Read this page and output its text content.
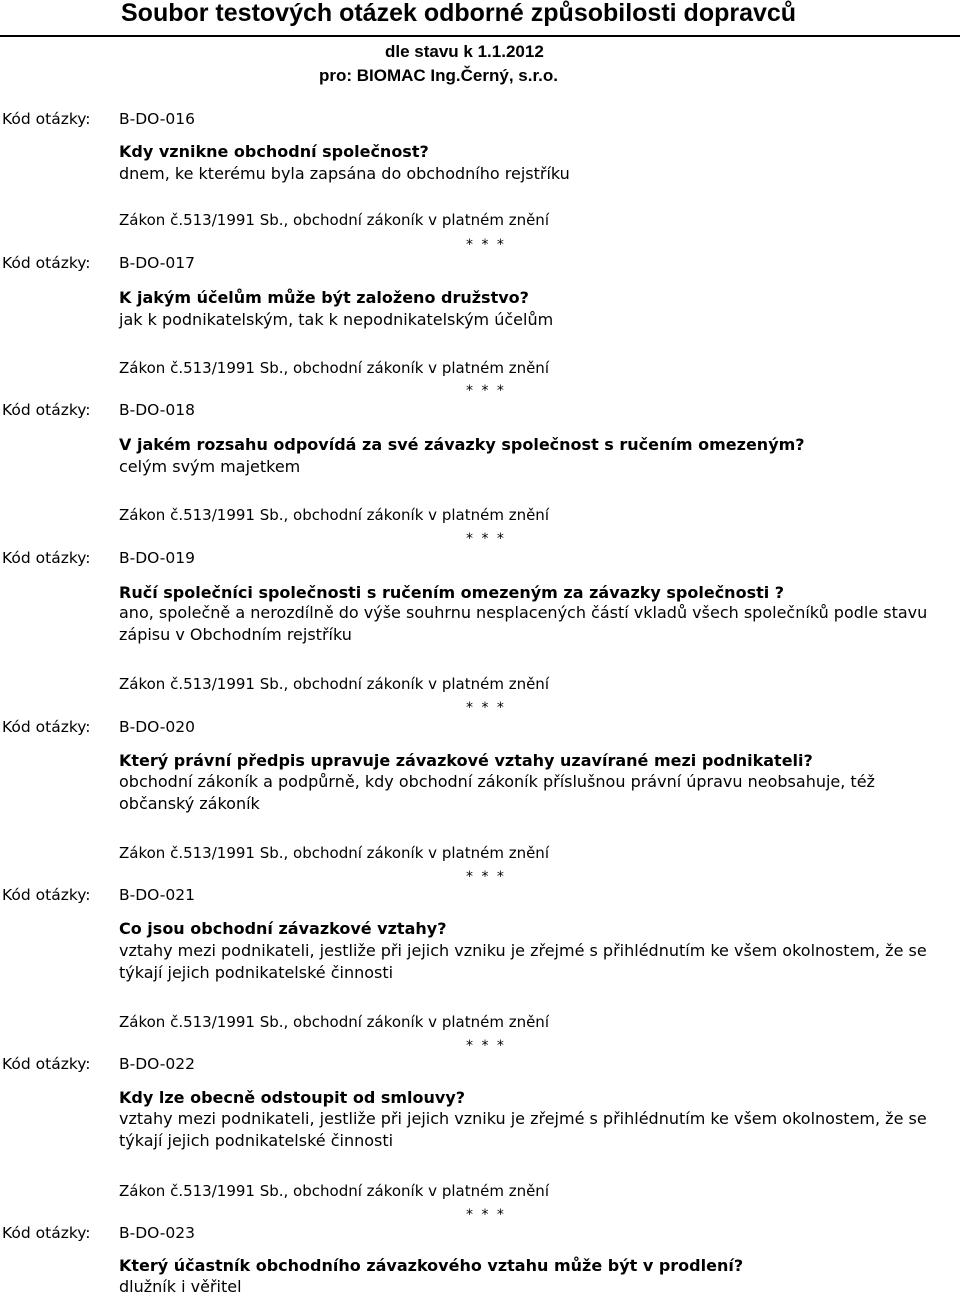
Soubor testových otázek odborné způsobilosti dopravců
dle stavu k 1.1.2012
pro: BIOMAC Ing.Černý, s.r.o.
Kód otázky: B-DO-016
Kdy vznikne obchodní společnost?
dnem, ke kterému byla zapsána do obchodního rejstříku
Zákon č.513/1991 Sb., obchodní zákoník v platném znění
* * *
Kód otázky: B-DO-017
K jakým účelům může být založeno družstvo?
jak k podnikatelským, tak k nepodnikatelským účelům
Zákon č.513/1991 Sb., obchodní zákoník v platném znění
* * *
Kód otázky: B-DO-018
V jakém rozsahu odpovídá za své závazky společnost s ručením omezeným?
celým svým majetkem
Zákon č.513/1991 Sb., obchodní zákoník v platném znění
* * *
Kód otázky: B-DO-019
Ručí společníci společnosti s ručením omezeným za závazky společnosti ?
ano, společně a nerozdílně do výše souhrnu nesplacených částí vkladů všech společníků podle stavu zápisu v Obchodním rejstříku
Zákon č.513/1991 Sb., obchodní zákoník v platném znění
* * *
Kód otázky: B-DO-020
Který právní předpis upravuje závazkové vztahy uzavírané mezi podnikateli?
obchodní zákoník a podpůrně, kdy obchodní zákoník příslušnou právní úpravu neobsahuje, též občanský zákoník
Zákon č.513/1991 Sb., obchodní zákoník v platném znění
* * *
Kód otázky: B-DO-021
Co jsou obchodní závazkové vztahy?
vztahy mezi podnikateli, jestliže při jejich vzniku je zřejmé s přihlédnutím ke všem okolnostem, že se týkají jejich podnikatelské činnosti
Zákon č.513/1991 Sb., obchodní zákoník v platném znění
* * *
Kód otázky: B-DO-022
Kdy lze obecně odstoupit od smlouvy?
vztahy mezi podnikateli, jestliže při jejich vzniku je zřejmé s přihlédnutím ke všem okolnostem, že se týkají jejich podnikatelské činnosti
Zákon č.513/1991 Sb., obchodní zákoník v platném znění
* * *
Kód otázky: B-DO-023
Který účastník obchodního závazkového vztahu může být v prodlení?
dlužník i věřitel
